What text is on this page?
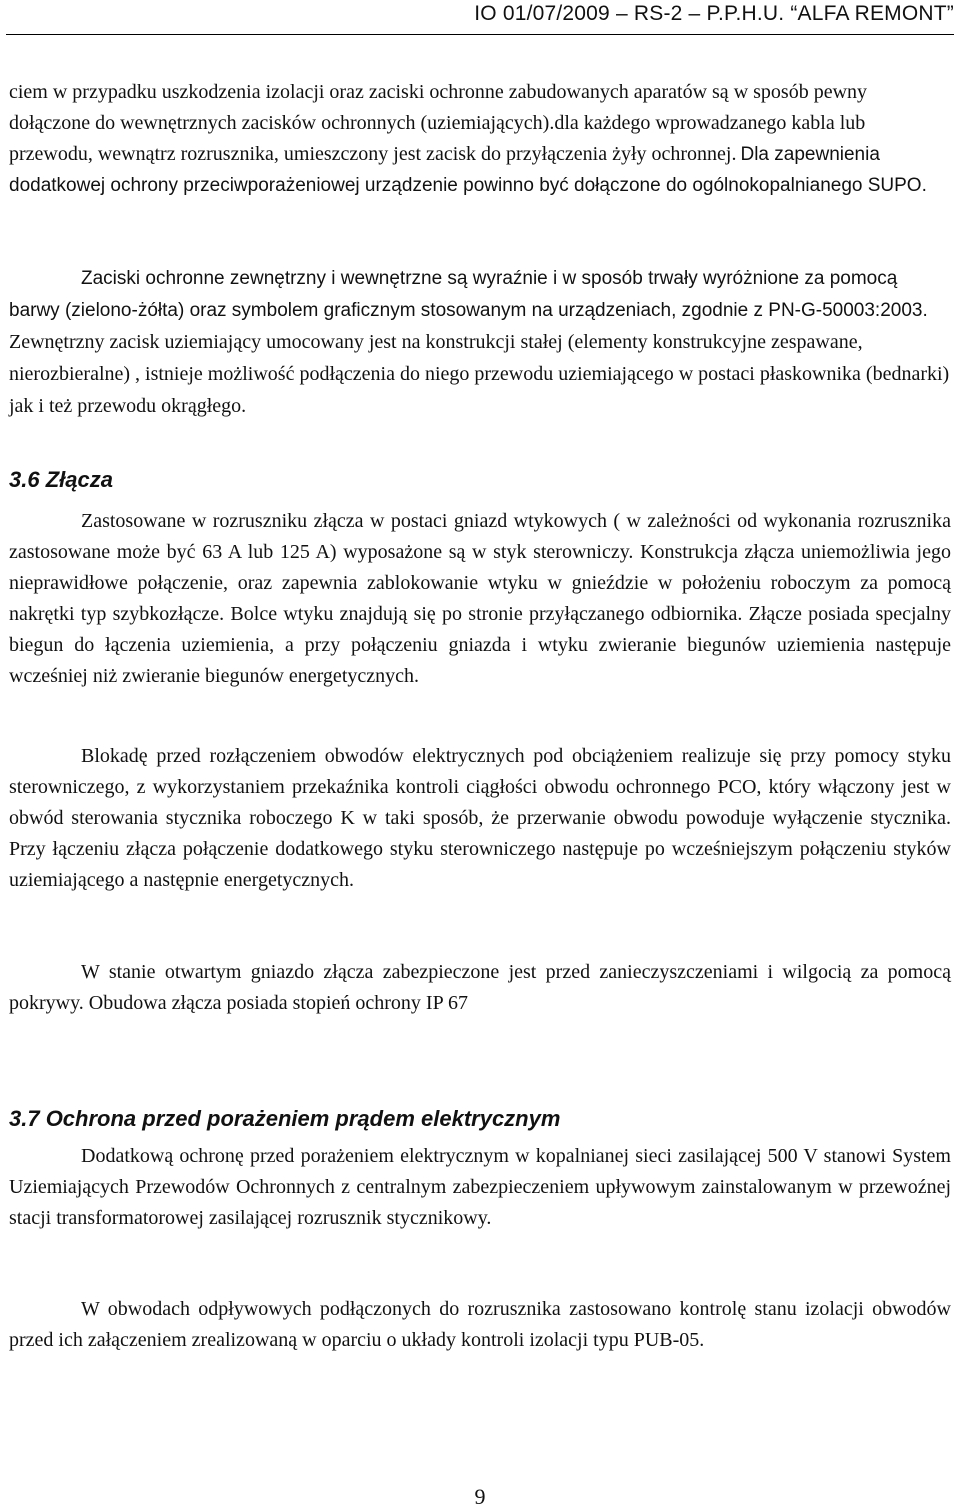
IO 01/07/2009 – RS-2 – P.P.H.U. “ALFA REMONT”

ciem w przypadku uszkodzenia izolacji oraz zaciski ochronne zabudowanych aparatów są w sposób pewny dołączone do wewnętrznych zacisków ochronnych (uziemiających).dla każdego wprowadzanego kabla lub przewodu, wewnątrz rozrusznika, umieszczony jest zacisk do przyłączenia żyły ochronnej. Dla zapewnienia dodatkowej ochrony przeciwporażeniowej urządzenie powinno być dołączone do ogólnokopalnianego SUPO.

Zaciski ochronne zewnętrzny i wewnętrzne są wyraźnie i w sposób trwały wyróżnione za pomocą barwy (zielono-żółta) oraz symbolem graficznym stosowanym na urządzeniach, zgodnie z PN-G-50003:2003. Zewnętrzny zacisk uziemiający umocowany jest na konstrukcji stałej (elementy konstrukcyjne zespawane, nierozbieralne) , istnieje możliwość podłączenia do niego przewodu uziemiającego w postaci płaskownika (bednarki) jak i też przewodu okrągłego.

3.6 Złącza

Zastosowane w rozruszniku złącza w postaci gniazd wtykowych ( w zależności od wykonania rozrusznika zastosowane może być 63 A lub 125 A) wyposażone są w styk sterowniczy. Konstrukcja złącza uniemożliwia jego nieprawidłowe połączenie, oraz zapewnia zablokowanie wtyku w gnieździe w położeniu roboczym za pomocą nakrętki typ szybkozłącze. Bolce wtyku znajdują się po stronie przyłączanego odbiornika. Złącze posiada specjalny biegun do łączenia uziemienia, a przy połączeniu gniazda i wtyku zwieranie biegunów uziemienia następuje wcześniej niż zwieranie biegunów energetycznych.

Blokadę przed rozłączeniem obwodów elektrycznych pod obciążeniem realizuje się przy pomocy styku sterowniczego, z wykorzystaniem przekaźnika kontroli ciągłości obwodu ochronnego PCO, który włączony jest w obwód sterowania stycznika roboczego K w taki sposób, że przerwanie obwodu powoduje wyłączenie stycznika. Przy łączeniu złącza połączenie dodatkowego styku sterowniczego następuje po wcześniejszym połączeniu styków uziemiającego a następnie energetycznych.

W stanie otwartym gniazdo złącza zabezpieczone jest przed zanieczyszczeniami i wilgocią za pomocą pokrywy. Obudowa złącza posiada stopień ochrony IP 67

3.7 Ochrona przed porażeniem prądem elektrycznym

Dodatkową ochronę przed porażeniem elektrycznym w kopalnianej sieci zasilającej 500 V stanowi System Uziemiających Przewodów Ochronnych z centralnym zabezpieczeniem upływowym zainstalowanym w przewoźnej stacji transformatorowej zasilającej rozrusznik stycznikowy.

W obwodach odpływowych podłączonych do rozrusznika zastosowano kontrolę stanu izolacji obwodów przed ich załączeniem zrealizowaną w oparciu o układy kontroli izolacji typu PUB-05.

9
